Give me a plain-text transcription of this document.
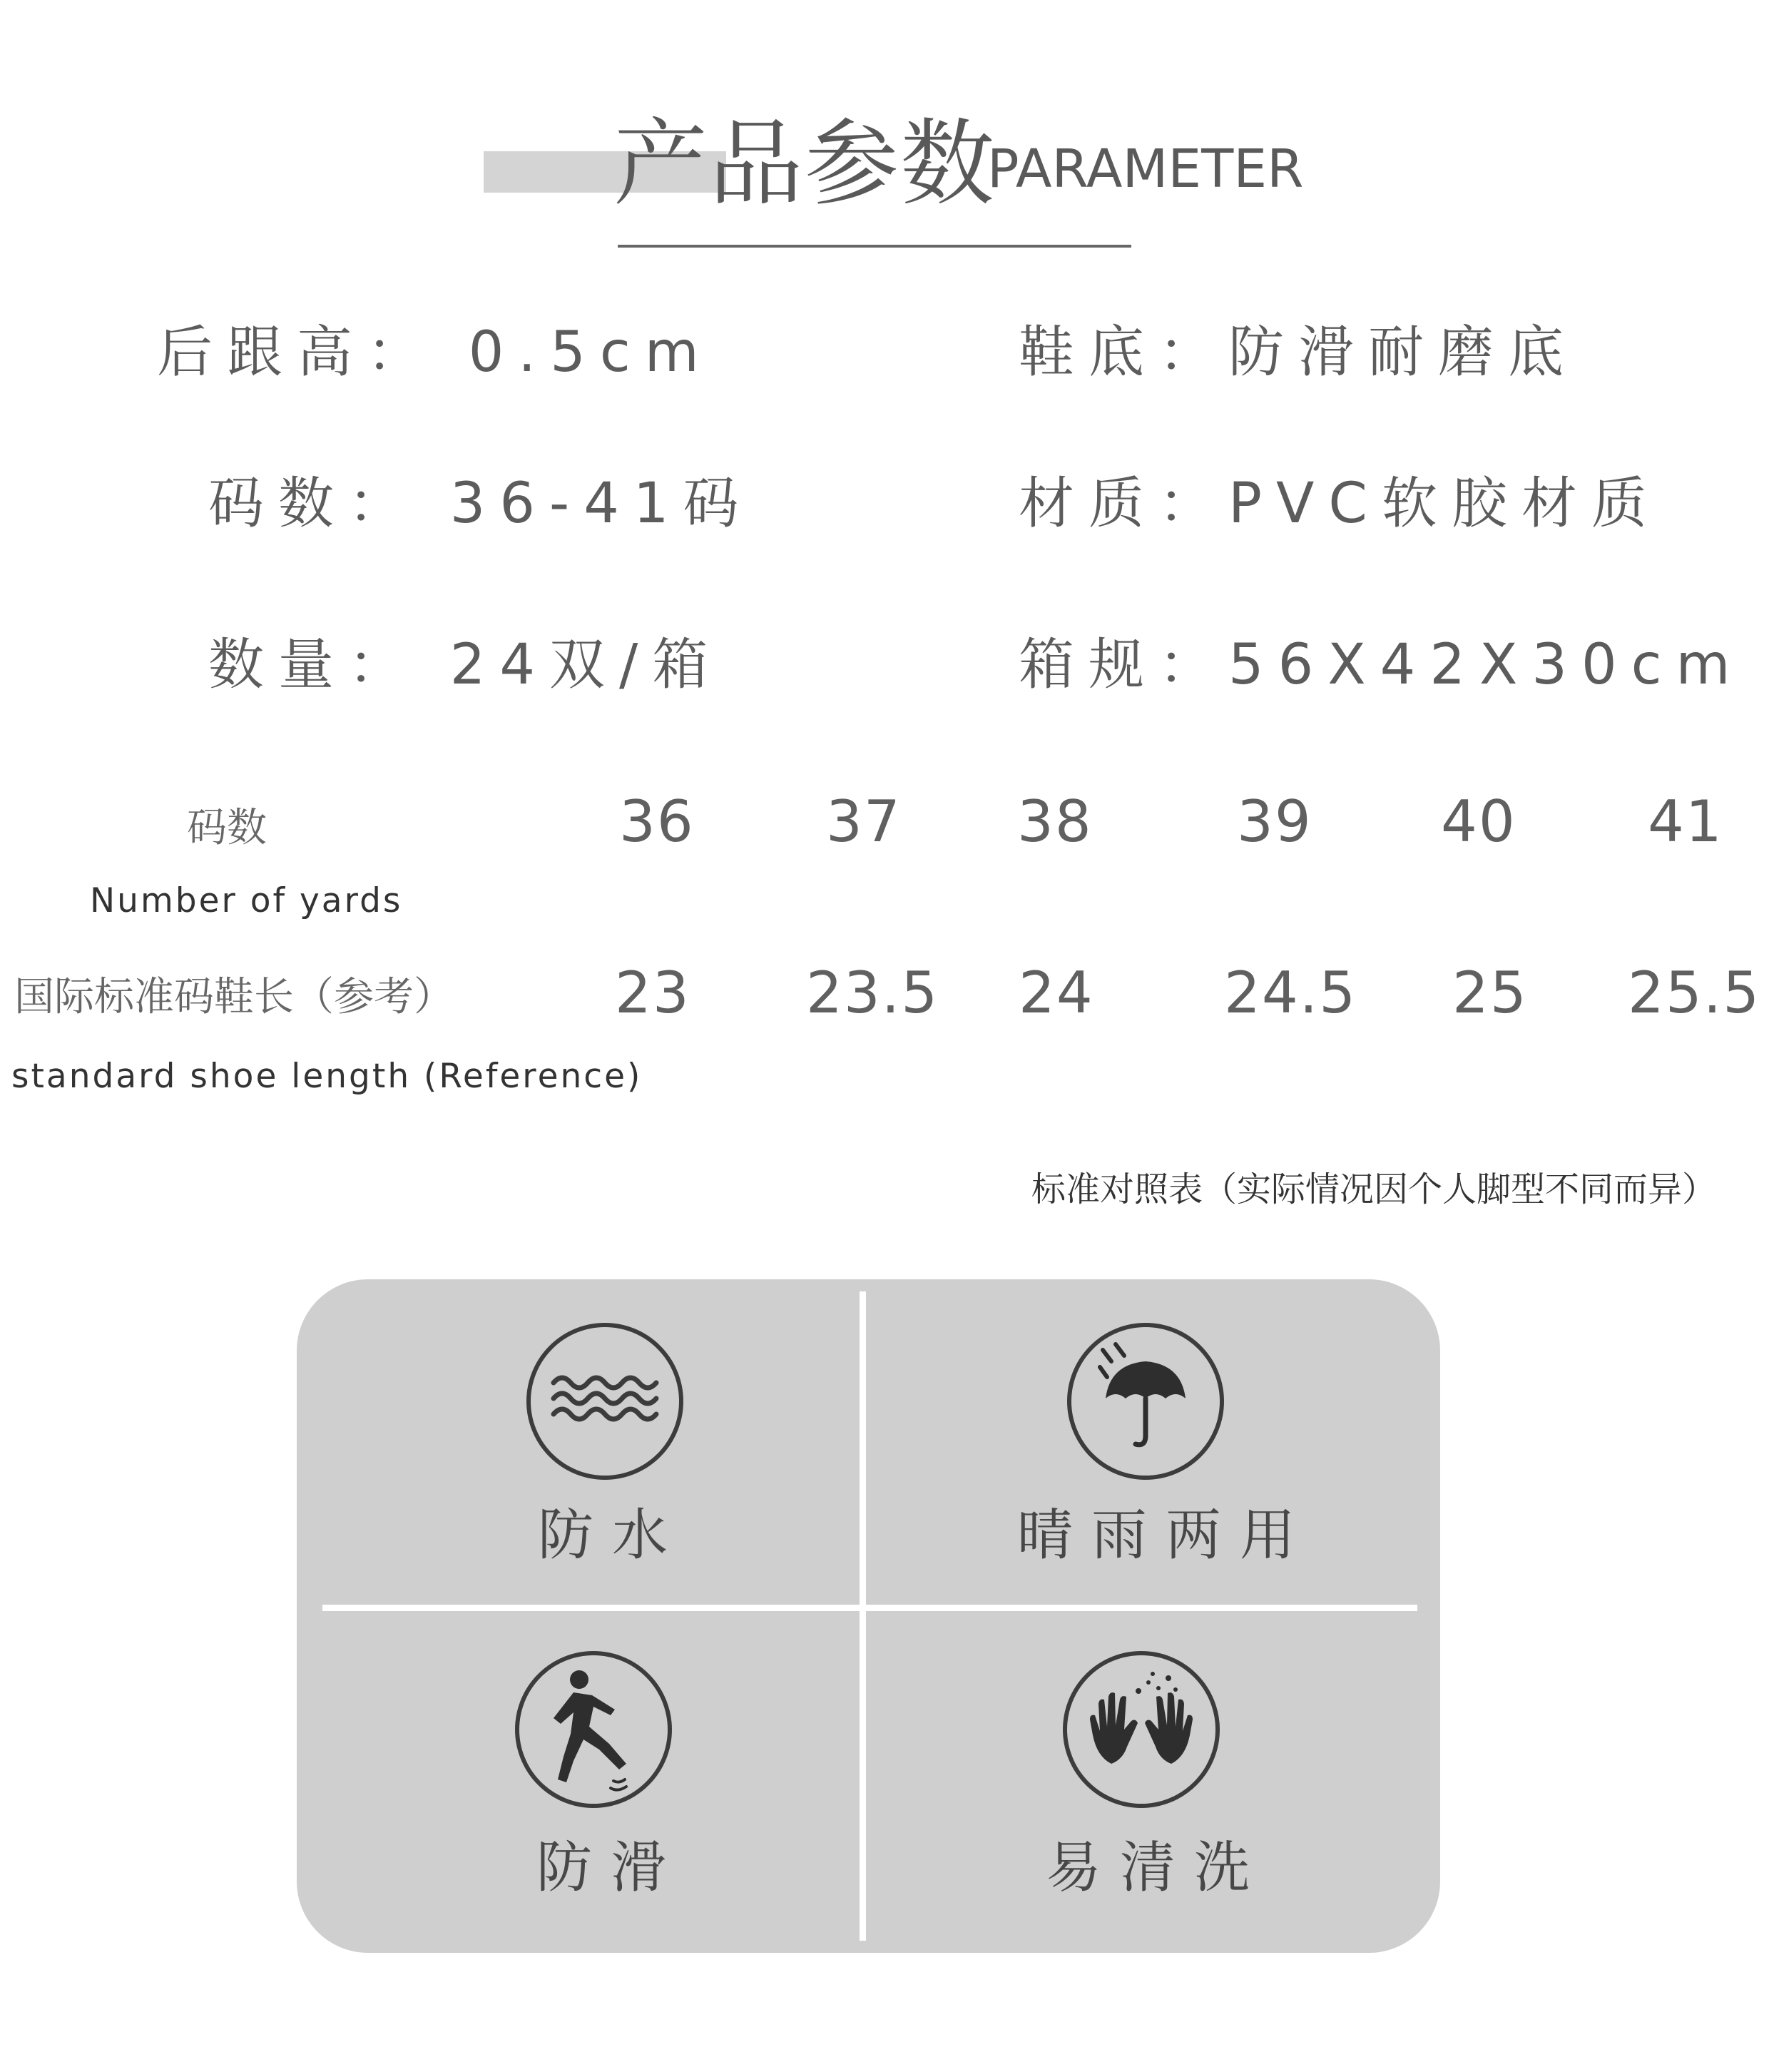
产品参数
PARAMETER
后跟高： 0.5cm	鞋底：防滑耐磨底
码数： 36-41码	材质：PVC软胶材质
数量： 24双/箱	箱规：56X42X30cm
码数
Number of yards
36 37 38	39 40 41
国际标准码鞋长（参考）
standard shoe length (Reference)
23 23.5 24 24.5 25 25.5
标准对照表（实际情况因个人脚型不同而异）
防水	晴雨两用
防滑	易清洗
